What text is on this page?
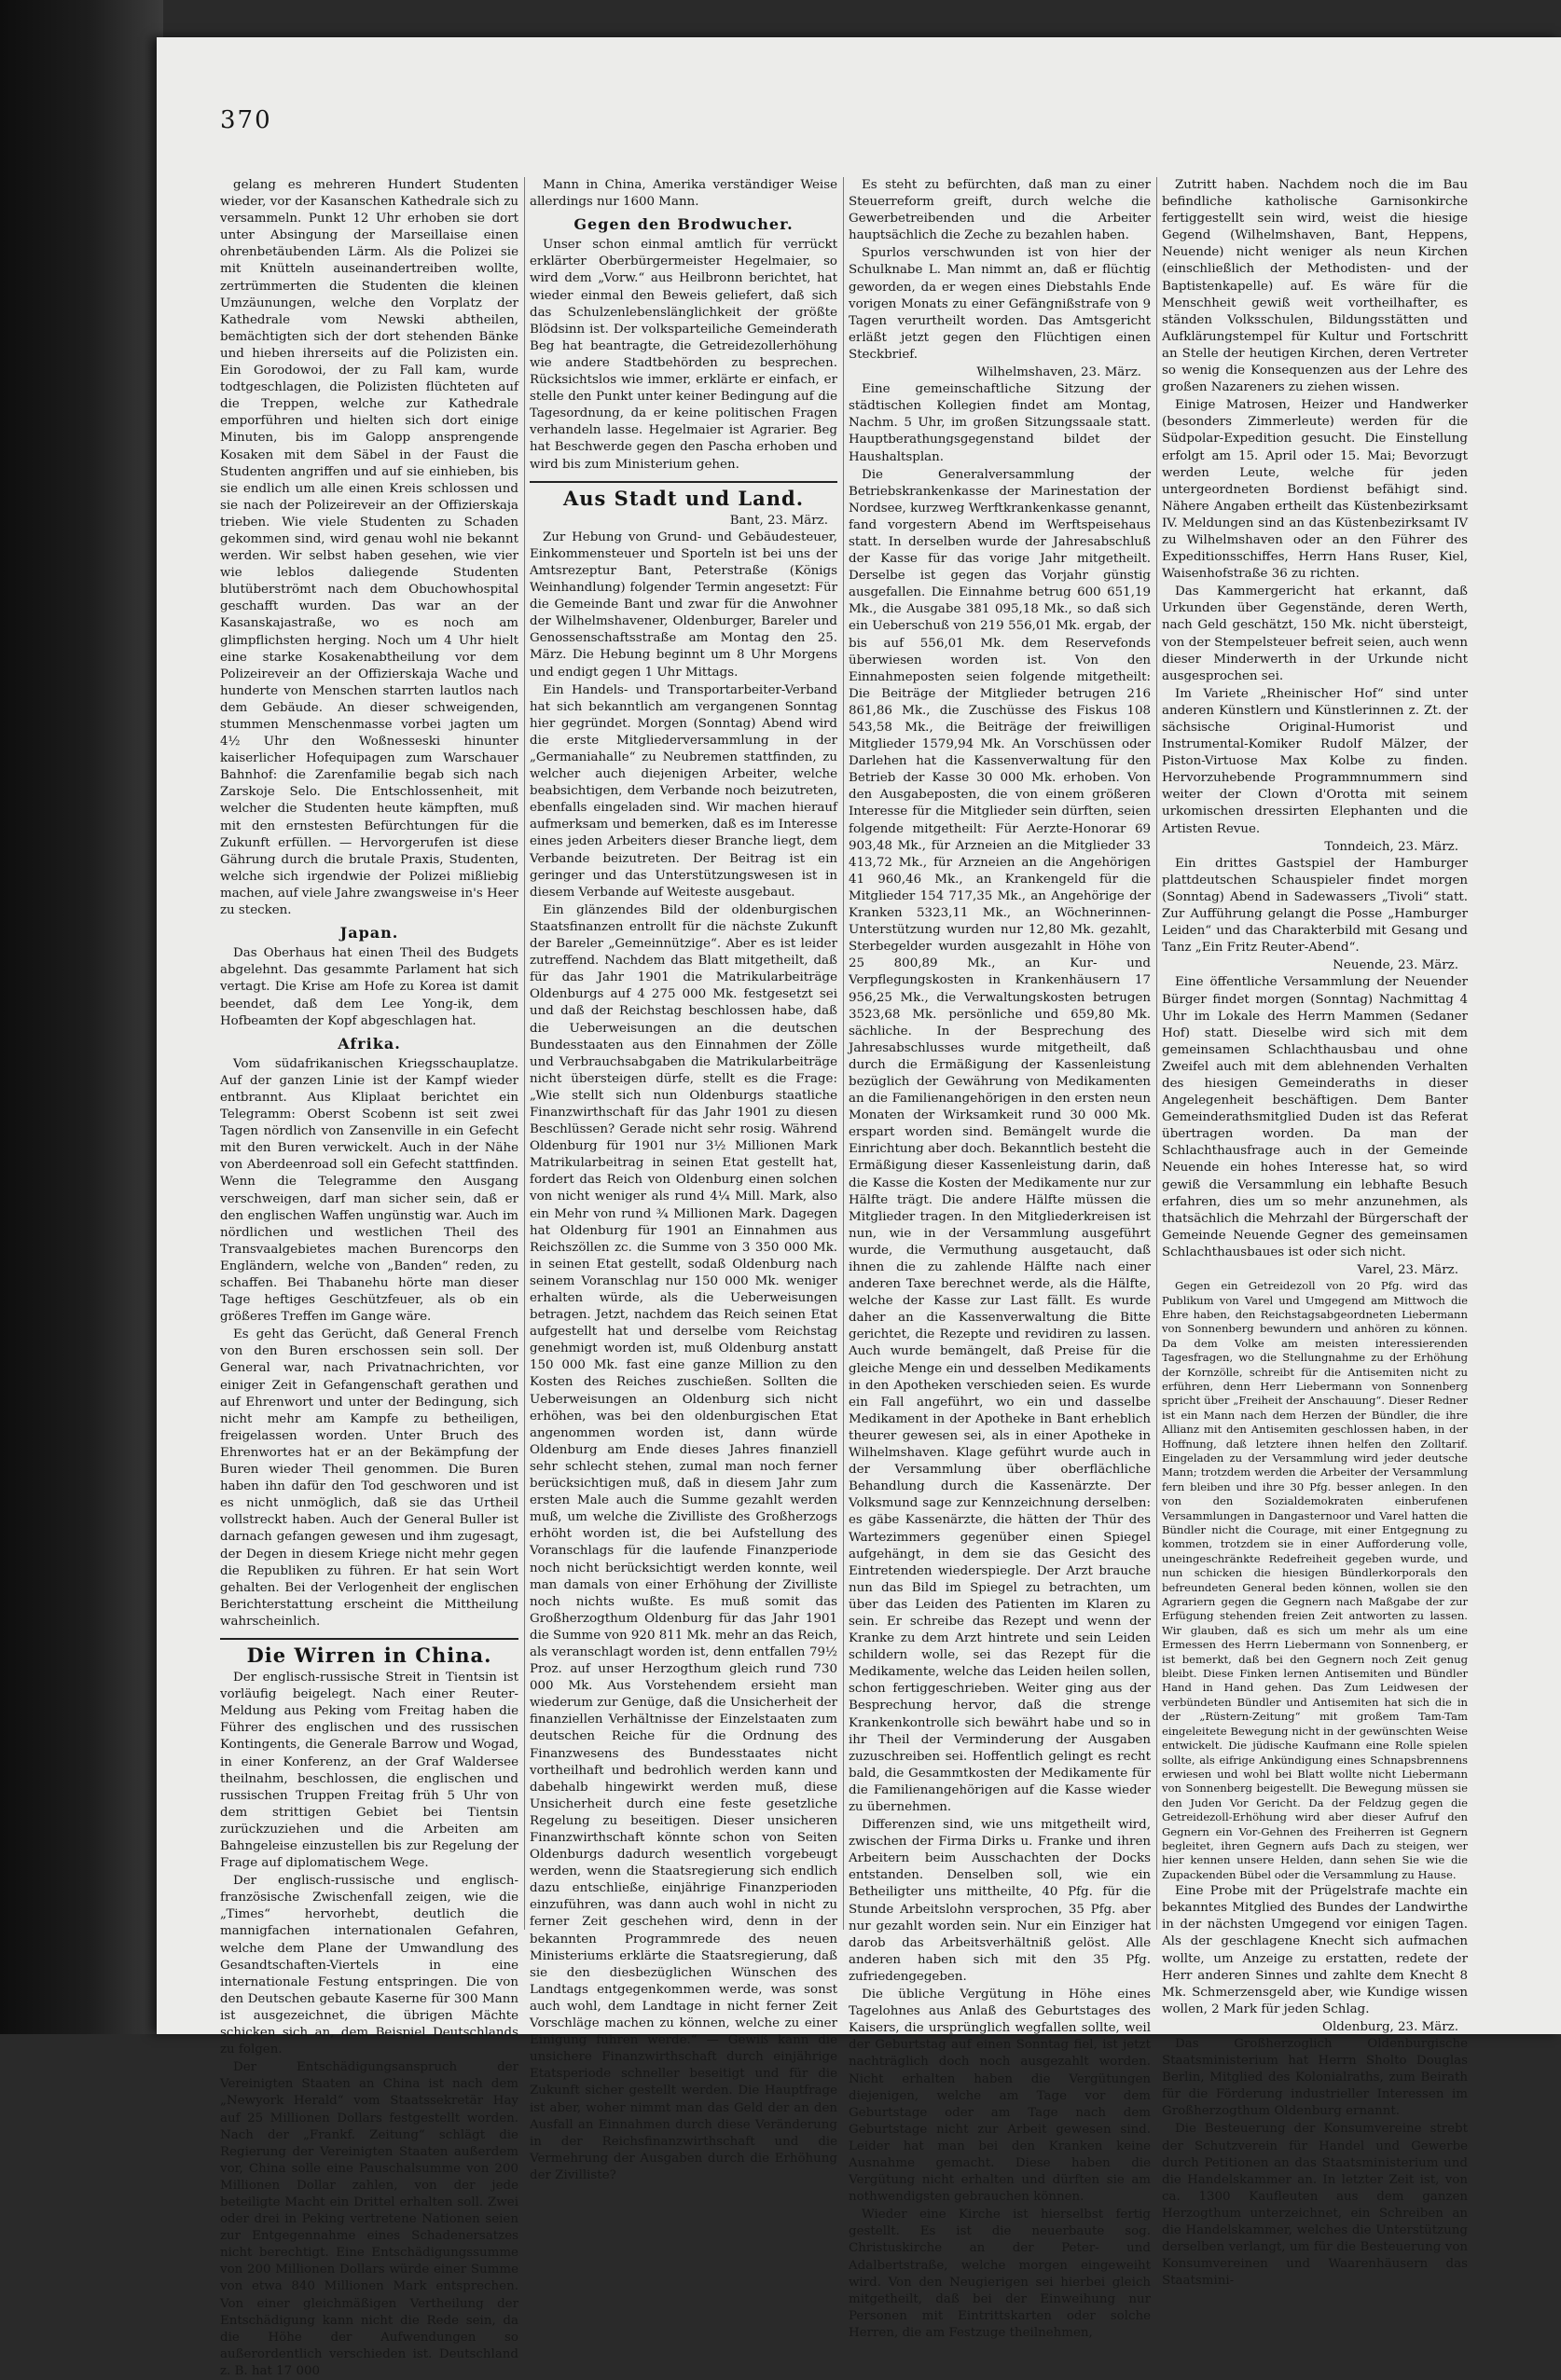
370

gelang es mehreren Hundert Studenten wieder, vor der Kasanschen Kathedrale sich zu versammeln. Punkt 12 Uhr erhoben sie dort unter Absingung der Marseillaise einen ohrenbetäubenden Lärm. Als die Polizei sie mit Knütteln auseinandertreiben wollte, zertrümmerten die Studenten die kleinen Umzäunungen, welche den Vorplatz der Kathedrale vom Newski abtheilen, bemächtigten sich der dort stehenden Bänke und hieben ihrerseits auf die Polizisten ein. Ein Gorodowoi, der zu Fall kam, wurde todtgeschlagen, die Polizisten flüchteten auf die Treppen, welche zur Kathedrale emporführen und hielten sich dort einige Minuten, bis im Galopp ansprengende Kosaken mit dem Säbel in der Faust die Studenten angriffen und auf sie einhieben, bis sie endlich um alle einen Kreis schlossen und sie nach der Polizeireveir an der Offizierskaja trieben. Wie viele Studenten zu Schaden gekommen sind, wird genau wohl nie bekannt werden. Wir selbst haben gesehen, wie vier wie leblos daliegende Studenten blutüberströmt nach dem Obuchowhospital geschafft wurden. Das war an der Kasanskajastraße, wo es noch am glimpflichsten herging. Noch um 4 Uhr hielt eine starke Kosakenabtheilung vor dem Polizeireveir an der Offizierskaja Wache und hunderte von Menschen starrten lautlos nach dem Gebäude. An dieser schweigenden, stummen Menschenmasse vorbei jagten um 4½ Uhr den Woßnesseski hinunter kaiserlicher Hofequipagen zum Warschauer Bahnhof: die Zarenfamilie begab sich nach Zarskoje Selo. Die Entschlossenheit, mit welcher die Studenten heute kämpften, muß mit den ernstesten Befürchtungen für die Zukunft erfüllen. — Hervorgerufen ist diese Gährung durch die brutale Praxis, Studenten, welche sich irgendwie der Polizei mißliebig machen, auf viele Jahre zwangsweise in's Heer zu stecken.

Japan.

Das Oberhaus hat einen Theil des Budgets abgelehnt. Das gesammte Parlament hat sich vertagt. Die Krise am Hofe zu Korea ist damit beendet, daß dem Lee Yong-ik, dem Hofbeamten der Kopf abgeschlagen hat.

Afrika.

Vom südafrikanischen Kriegsschauplatze. Auf der ganzen Linie ist der Kampf wieder entbrannt. Aus Kliplaat berichtet ein Telegramm: Oberst Scobenn ist seit zwei Tagen nördlich von Zansenville in ein Gefecht mit den Buren verwickelt. Auch in der Nähe von Aberdeenroad soll ein Gefecht stattfinden. Wenn die Telegramme den Ausgang verschweigen, darf man sicher sein, daß er den englischen Waffen ungünstig war. Auch im nördlichen und westlichen Theil des Transvaalgebietes machen Burencorps den Engländern, welche von „Banden“ reden, zu schaffen. Bei Thabanehu hörte man dieser Tage heftiges Geschützfeuer, als ob ein größeres Treffen im Gange wäre.

Es geht das Gerücht, daß General French von den Buren erschossen sein soll. Der General war, nach Privatnachrichten, vor einiger Zeit in Gefangenschaft gerathen und auf Ehrenwort und unter der Bedingung, sich nicht mehr am Kampfe zu betheiligen, freigelassen worden. Unter Bruch des Ehrenwortes hat er an der Bekämpfung der Buren wieder Theil genommen. Die Buren haben ihn dafür den Tod geschworen und ist es nicht unmöglich, daß sie das Urtheil vollstreckt haben. Auch der General Buller ist darnach gefangen gewesen und ihm zugesagt, der Degen in diesem Kriege nicht mehr gegen die Republiken zu führen. Er hat sein Wort gehalten. Bei der Verlogenheit der englischen Berichterstattung erscheint die Mittheilung wahrscheinlich.

Die Wirren in China.

Der englisch-russische Streit in Tientsin ist vorläufig beigelegt. Nach einer Reuter-Meldung aus Peking vom Freitag haben die Führer des englischen und des russischen Kontingents, die Generale Barrow und Wogad, in einer Konferenz, an der Graf Waldersee theilnahm, beschlossen, die englischen und russischen Truppen Freitag früh 5 Uhr von dem strittigen Gebiet bei Tientsin zurückzuziehen und die Arbeiten am Bahngeleise einzustellen bis zur Regelung der Frage auf diplomatischem Wege.

Der englisch-russische und englisch-französische Zwischenfall zeigen, wie die „Times“ hervorhebt, deutlich die mannigfachen internationalen Gefahren, welche dem Plane der Umwandlung des Gesandtschaften-Viertels in eine internationale Festung entspringen. Die von den Deutschen gebaute Kaserne für 300 Mann ist ausgezeichnet, die übrigen Mächte schicken sich an, dem Beispiel Deutschlands zu folgen.

Der Entschädigungsanspruch der Vereinigten Staaten an China ist nach dem „Newyork Herald“ vom Staatssekretär Hay auf 25 Millionen Dollars festgestellt worden. Nach der „Frankf. Zeitung“ schlägt die Regierung der Vereinigten Staaten außerdem vor, China solle eine Pauschalsumme von 200 Millionen Dollar zahlen, von der jede beteiligte Macht ein Drittel erhalten soll. Zwei oder drei in Peking vertretene Nationen seien zur Entgegennahme eines Schadenersatzes nicht berechtigt. Eine Entschädigungssumme von 200 Millionen Dollars würde einer Summe von etwa 840 Millionen Mark entsprechen. Von einer gleichmäßigen Vertheilung der Entschädigung kann nicht die Rede sein, da die Höhe der Aufwendungen so außerordentlich verschieden ist. Deutschland z. B. hat 17 000

Mann in China, Amerika verständiger Weise allerdings nur 1600 Mann.

Gegen den Brodwucher.

Unser schon einmal amtlich für verrückt erklärter Oberbürgermeister Hegelmaier, so wird dem „Vorw.“ aus Heilbronn berichtet, hat wieder einmal den Beweis geliefert, daß sich das Schulzenlebenslänglichkeit der größte Blödsinn ist. Der volksparteiliche Gemeinderath Beg hat beantragte, die Getreidezollerhöhung wie andere Stadtbehörden zu besprechen. Rücksichtslos wie immer, erklärte er einfach, er stelle den Punkt unter keiner Bedingung auf die Tagesordnung, da er keine politischen Fragen verhandeln lasse. Hegelmaier ist Agrarier. Beg hat Beschwerde gegen den Pascha erhoben und wird bis zum Ministerium gehen.

Aus Stadt und Land.
Bant, 23. März.

Zur Hebung von Grund- und Gebäudesteuer, Einkommensteuer und Sporteln ist bei uns der Amtsrezeptur Bant, Peterstraße (Königs Weinhandlung) folgender Termin angesetzt: Für die Gemeinde Bant und zwar für die Anwohner der Wilhelmshavener, Oldenburger, Bareler und Genossenschaftsstraße am Montag den 25. März. Die Hebung beginnt um 8 Uhr Morgens und endigt gegen 1 Uhr Mittags.

Ein Handels- und Transportarbeiter-Verband hat sich bekanntlich am vergangenen Sonntag hier gegründet. Morgen (Sonntag) Abend wird die erste Mitgliederversammlung in der „Germaniahalle“ zu Neubremen stattfinden, zu welcher auch diejenigen Arbeiter, welche beabsichtigen, dem Verbande noch beizutreten, ebenfalls eingeladen sind. Wir machen hierauf aufmerksam und bemerken, daß es im Interesse eines jeden Arbeiters dieser Branche liegt, dem Verbande beizutreten. Der Beitrag ist ein geringer und das Unterstützungswesen ist in diesem Verbande auf Weiteste ausgebaut.

Ein glänzendes Bild der oldenburgischen Staatsfinanzen entrollt für die nächste Zukunft der Bareler „Gemeinnützige“. Aber es ist leider zutreffend. Nachdem das Blatt mitgetheilt, daß für das Jahr 1901 die Matrikularbeiträge Oldenburgs auf 4 275 000 Mk. festgesetzt sei und daß der Reichstag beschlossen habe, daß die Ueberweisungen an die deutschen Bundesstaaten aus den Einnahmen der Zölle und Verbrauchsabgaben die Matrikularbeiträge nicht übersteigen dürfe, stellt es die Frage: „Wie stellt sich nun Oldenburgs staatliche Finanzwirthschaft für das Jahr 1901 zu diesen Beschlüssen? Gerade nicht sehr rosig. Während Oldenburg für 1901 nur 3½ Millionen Mark Matrikularbeitrag in seinen Etat gestellt hat, fordert das Reich von Oldenburg einen solchen von nicht weniger als rund 4¼ Mill. Mark, also ein Mehr von rund ¾ Millionen Mark. Dagegen hat Oldenburg für 1901 an Einnahmen aus Reichszöllen zc. die Summe von 3 350 000 Mk. in seinen Etat gestellt, sodaß Oldenburg nach seinem Voranschlag nur 150 000 Mk. weniger erhalten würde, als die Ueberweisungen betragen. Jetzt, nachdem das Reich seinen Etat aufgestellt hat und derselbe vom Reichstag genehmigt worden ist, muß Oldenburg anstatt 150 000 Mk. fast eine ganze Million zu den Kosten des Reiches zuschießen. Sollten die Ueberweisungen an Oldenburg sich nicht erhöhen, was bei den oldenburgischen Etat angenommen worden ist, dann würde Oldenburg am Ende dieses Jahres finanziell sehr schlecht stehen, zumal man noch ferner berücksichtigen muß, daß in diesem Jahr zum ersten Male auch die Summe gezahlt werden muß, um welche die Zivilliste des Großherzogs erhöht worden ist, die bei Aufstellung des Voranschlags für die laufende Finanzperiode noch nicht berücksichtigt werden konnte, weil man damals von einer Erhöhung der Zivilliste noch nichts wußte. Es muß somit das Großherzogthum Oldenburg für das Jahr 1901 die Summe von 920 811 Mk. mehr an das Reich, als veranschlagt worden ist, denn entfallen 79½ Proz. auf unser Herzogthum gleich rund 730 000 Mk. Aus Vorstehendem ersieht man wiederum zur Genüge, daß die Unsicherheit der finanziellen Verhältnisse der Einzelstaaten zum deutschen Reiche für die Ordnung des Finanzwesens des Bundesstaates nicht vortheilhaft und bedrohlich werden kann und dabehalb hingewirkt werden muß, diese Unsicherheit durch eine feste gesetzliche Regelung zu beseitigen. Dieser unsicheren Finanzwirthschaft könnte schon von Seiten Oldenburgs dadurch wesentlich vorgebeugt werden, wenn die Staatsregierung sich endlich dazu entschließe, einjährige Finanzperioden einzuführen, was dann auch wohl in nicht zu ferner Zeit geschehen wird, denn in der bekannten Programmrede des neuen Ministeriums erklärte die Staatsregierung, daß sie den diesbezüglichen Wünschen des Landtags entgegenkommen werde, was sonst auch wohl, dem Landtage in nicht ferner Zeit Vorschläge machen zu können, welche zu einer Einigung führen werde.“ — Gewiß kann die unsichere Finanzwirthschaft durch einjährige Etatsperiode schneller beseitigt und für die Zukunft sicher gestellt werden. Die Hauptfrage ist aber, woher nimmt man das Geld der an den Ausfall an Einnahmen durch diese Veränderung in der Reichsfinanzwirthschaft und die Vermehrung der Ausgaben durch die Erhöhung der Zivilliste?

Es steht zu befürchten, daß man zu einer Steuerreform greift, durch welche die Gewerbetreibenden und die Arbeiter hauptsächlich die Zeche zu bezahlen haben.

Spurlos verschwunden ist von hier der Schulknabe L. Man nimmt an, daß er flüchtig geworden, da er wegen eines Diebstahls Ende vorigen Monats zu einer Gefängnißstrafe von 9 Tagen verurtheilt worden. Das Amtsgericht erläßt jetzt gegen den Flüchtigen einen Steckbrief.

Wilhelmshaven, 23. März.

Eine gemeinschaftliche Sitzung der städtischen Kollegien findet am Montag, Nachm. 5 Uhr, im großen Sitzungssaale statt. Hauptberathungsgegenstand bildet der Haushaltsplan.

Die Generalversammlung der Betriebskrankenkasse der Marinestation der Nordsee, kurzweg Werftkrankenkasse genannt, fand vorgestern Abend im Werftspeisehaus statt. In derselben wurde der Jahresabschluß der Kasse für das vorige Jahr mitgetheilt. Derselbe ist gegen das Vorjahr günstig ausgefallen. Die Einnahme betrug 600 651,19 Mk., die Ausgabe 381 095,18 Mk., so daß sich ein Ueberschuß von 219 556,01 Mk. ergab, der bis auf 556,01 Mk. dem Reservefonds überwiesen worden ist. Von den Einnahmeposten seien folgende mitgetheilt: Die Beiträge der Mitglieder betrugen 216 861,86 Mk., die Zuschüsse des Fiskus 108 543,58 Mk., die Beiträge der freiwilligen Mitglieder 1579,94 Mk. An Vorschüssen oder Darlehen hat die Kassenverwaltung für den Betrieb der Kasse 30 000 Mk. erhoben. Von den Ausgabeposten, die von einem größeren Interesse für die Mitglieder sein dürften, seien folgende mitgetheilt: Für Aerzte-Honorar 69 903,48 Mk., für Arzneien an die Mitglieder 33 413,72 Mk., für Arzneien an die Angehörigen 41 960,46 Mk., an Krankengeld für die Mitglieder 154 717,35 Mk., an Angehörige der Kranken 5323,11 Mk., an Wöchnerinnen-Unterstützung wurden nur 12,80 Mk. gezahlt, Sterbegelder wurden ausgezahlt in Höhe von 25 800,89 Mk., an Kur- und Verpflegungskosten in Krankenhäusern 17 956,25 Mk., die Verwaltungskosten betrugen 3523,68 Mk. persönliche und 659,80 Mk. sächliche. In der Besprechung des Jahresabschlusses wurde mitgetheilt, daß durch die Ermäßigung der Kassenleistung bezüglich der Gewährung von Medikamenten an die Familienangehörigen in den ersten neun Monaten der Wirksamkeit rund 30 000 Mk. erspart worden sind. Bemängelt wurde die Einrichtung aber doch. Bekanntlich besteht die Ermäßigung dieser Kassenleistung darin, daß die Kasse die Kosten der Medikamente nur zur Hälfte trägt. Die andere Hälfte müssen die Mitglieder tragen. In den Mitgliederkreisen ist nun, wie in der Versammlung ausgeführt wurde, die Vermuthung ausgetaucht, daß ihnen die zu zahlende Hälfte nach einer anderen Taxe berechnet werde, als die Hälfte, welche der Kasse zur Last fällt. Es wurde daher an die Kassenverwaltung die Bitte gerichtet, die Rezepte und revidiren zu lassen. Auch wurde bemängelt, daß Preise für die gleiche Menge ein und desselben Medikaments in den Apotheken verschieden seien. Es wurde ein Fall angeführt, wo ein und dasselbe Medikament in der Apotheke in Bant erheblich theurer gewesen sei, als in einer Apotheke in Wilhelmshaven. Klage geführt wurde auch in der Versammlung über oberflächliche Behandlung durch die Kassenärzte. Der Volksmund sage zur Kennzeichnung derselben: es gäbe Kassenärzte, die hätten der Thür des Wartezimmers gegenüber einen Spiegel aufgehängt, in dem sie das Gesicht des Eintretenden wiederspiegle. Der Arzt brauche nun das Bild im Spiegel zu betrachten, um über das Leiden des Patienten im Klaren zu sein. Er schreibe das Rezept und wenn der Kranke zu dem Arzt hintrete und sein Leiden schildern wolle, sei das Rezept für die Medikamente, welche das Leiden heilen sollen, schon fertiggeschrieben. Weiter ging aus der Besprechung hervor, daß die strenge Krankenkontrolle sich bewährt habe und so in ihr Theil der Verminderung der Ausgaben zuzuschreiben sei. Hoffentlich gelingt es recht bald, die Gesammtkosten der Medikamente für die Familienangehörigen auf die Kasse wieder zu übernehmen.

Differenzen sind, wie uns mitgetheilt wird, zwischen der Firma Dirks u. Franke und ihren Arbeitern beim Ausschachten der Docks entstanden. Denselben soll, wie ein Betheiligter uns mittheilte, 40 Pfg. für die Stunde Arbeitslohn versprochen, 35 Pfg. aber nur gezahlt worden sein. Nur ein Einziger hat darob das Arbeitsverhältniß gelöst. Alle anderen haben sich mit den 35 Pfg. zufriedengegeben.

Die übliche Vergütung in Höhe eines Tagelohnes aus Anlaß des Geburtstages des Kaisers, die ursprünglich wegfallen sollte, weil der Geburtstag auf einen Sonntag fiel, ist jetzt nachträglich doch noch ausgezahlt worden. Nicht erhalten haben die Vergütungen diejenigen, welche am Tage vor dem Geburtstage oder am Tage nach dem Geburtstage nicht zur Arbeit gewesen sind. Leider hat man bei den Kranken keine Ausnahme gemacht. Diese haben die Vergütung nicht erhalten und dürften sie am nothwendigsten gebrauchen können.

Wieder eine Kirche ist hierselbst fertig gestellt. Es ist die neuerbaute sog. Christuskirche an der Peter- und Adalbertstraße, welche morgen eingeweiht wird. Von den Neugierigen sei hierbei gleich mitgetheilt, daß bei der Einweihung nur Personen mit Eintrittskarten oder solche Herren, die am Festzuge theilnehmen,

Zutritt haben. Nachdem noch die im Bau befindliche katholische Garnisonkirche fertiggestellt sein wird, weist die hiesige Gegend (Wilhelmshaven, Bant, Heppens, Neuende) nicht weniger als neun Kirchen (einschließlich der Methodisten- und der Baptistenkapelle) auf. Es wäre für die Menschheit gewiß weit vortheilhafter, es ständen Volksschulen, Bildungsstätten und Aufklärungstempel für Kultur und Fortschritt an Stelle der heutigen Kirchen, deren Vertreter so wenig die Konsequenzen aus der Lehre des großen Nazareners zu ziehen wissen.

Einige Matrosen, Heizer und Handwerker (besonders Zimmerleute) werden für die Südpolar-Expedition gesucht. Die Einstellung erfolgt am 15. April oder 15. Mai; Bevorzugt werden Leute, welche für jeden untergeordneten Bordienst befähigt sind. Nähere Angaben ertheilt das Küstenbezirksamt IV. Meldungen sind an das Küstenbezirksamt IV zu Wilhelmshaven oder an den Führer des Expeditionsschiffes, Herrn Hans Ruser, Kiel, Waisenhofstraße 36 zu richten.

Das Kammergericht hat erkannt, daß Urkunden über Gegenstände, deren Werth, nach Geld geschätzt, 150 Mk. nicht übersteigt, von der Stempelsteuer befreit seien, auch wenn dieser Minderwerth in der Urkunde nicht ausgesprochen sei.

Im Variete „Rheinischer Hof“ sind unter anderen Künstlern und Künstlerinnen z. Zt. der sächsische Original-Humorist und Instrumental-Komiker Rudolf Mälzer, der Piston-Virtuose Max Kolbe zu finden. Hervorzuhebende Programmnummern sind weiter der Clown d'Orotta mit seinem urkomischen dressirten Elephanten und die Artisten Revue.

Tonndeich, 23. März.

Ein drittes Gastspiel der Hamburger plattdeutschen Schauspieler findet morgen (Sonntag) Abend in Sadewassers „Tivoli“ statt. Zur Aufführung gelangt die Posse „Hamburger Leiden“ und das Charakterbild mit Gesang und Tanz „Ein Fritz Reuter-Abend“.

Neuende, 23. März.

Eine öffentliche Versammlung der Neuender Bürger findet morgen (Sonntag) Nachmittag 4 Uhr im Lokale des Herrn Mammen (Sedaner Hof) statt. Dieselbe wird sich mit dem gemeinsamen Schlachthausbau und ohne Zweifel auch mit dem ablehnenden Verhalten des hiesigen Gemeinderaths in dieser Angelegenheit beschäftigen. Dem Banter Gemeinderathsmitglied Duden ist das Referat übertragen worden. Da man der Schlachthausfrage auch in der Gemeinde Neuende ein hohes Interesse hat, so wird gewiß die Versammlung ein lebhafte Besuch erfahren, dies um so mehr anzunehmen, als thatsächlich die Mehrzahl der Bürgerschaft der Gemeinde Neuende Gegner des gemeinsamen Schlachthausbaues ist oder sich nicht.

Varel, 23. März.

Gegen ein Getreidezoll von 20 Pfg. wird das Publikum von Varel und Umgegend am Mittwoch die Ehre haben, den Reichstagsabgeordneten Liebermann von Sonnenberg bewundern und anhören zu können. Da dem Volke am meisten interessierenden Tagesfragen, wo die Stellungnahme zu der Erhöhung der Kornzölle, schreibt für die Antisemiten nicht zu erführen, denn Herr Liebermann von Sonnenberg spricht über „Freiheit der Anschauung“. Dieser Redner ist ein Mann nach dem Herzen der Bündler, die ihre Allianz mit den Antisemiten geschlossen haben, in der Hoffnung, daß letztere ihnen helfen den Zolltarif. Eingeladen zu der Versammlung wird jeder deutsche Mann; trotzdem werden die Arbeiter der Versammlung fern bleiben und ihre 30 Pfg. besser anlegen. In den von den Sozialdemokraten einberufenen Versammlungen in Dangasternoor und Varel hatten die Bündler nicht die Courage, mit einer Entgegnung zu kommen, trotzdem sie in einer Aufforderung volle, uneingeschränkte Redefreiheit gegeben wurde, und nun schicken die hiesigen Bündlerkorporals den befreundeten General beden können, wollen sie den Agrariern gegen die Gegnern nach Maßgabe der zur Erfügung stehenden freien Zeit antworten zu lassen. Wir glauben, daß es sich um mehr als um eine Ermessen des Herrn Liebermann von Sonnenberg, er ist bemerkt, daß bei den Gegnern noch Zeit genug bleibt. Diese Finken lernen Antisemiten und Bündler Hand in Hand gehen. Das Zum Leidwesen der verbündeten Bündler und Antisemiten hat sich die in der „Rüstern-Zeitung“ mit großem Tam-Tam eingeleitete Bewegung nicht in der gewünschten Weise entwickelt. Die jüdische Kaufmann eine Rolle spielen sollte, als eifrige Ankündigung eines Schnapsbrennens erwiesen und wohl bei Blatt wollte nicht Liebermann von Sonnenberg beigestellt. Die Bewegung müssen sie den Juden Vor Gericht. Da der Feldzug gegen die Getreidezoll-Erhöhung wird aber dieser Aufruf den Gegnern ein Vor-Gehnen des Freiherren ist Gegnern begleitet, ihren Gegnern aufs Dach zu steigen, wer hier kennen unsere Helden, dann sehen Sie wie die Zupackenden Bübel oder die Versammlung zu Hause.

Eine Probe mit der Prügelstrafe machte ein bekanntes Mitglied des Bundes der Landwirthe in der nächsten Umgegend vor einigen Tagen. Als der geschlagene Knecht sich aufmachen wollte, um Anzeige zu erstatten, redete der Herr anderen Sinnes und zahlte dem Knecht 8 Mk. Schmerzensgeld aber, wie Kundige wissen wollen, 2 Mark für jeden Schlag.

Oldenburg, 23. März.

Das Großherzoglich Oldenburgische Staatsministerium hat Herrn Sholto Douglas Berlin, Mitglied des Kolonialraths, zum Beirath für die Förderung industrieller Interessen im Großherzogthum Oldenburg ernannt.

Die Besteuerung der Konsumvereine strebt der Schutzverein für Handel und Gewerbe durch Petitionen an das Staatsministerium und die Handelskammer an. In letzter Zeit ist, von ca. 1300 Kaufleuten aus dem ganzen Herzogthum unterzeichnet, ein Schreiben an die Handelskammer, welches die Unterstützung derselben verlangt, um für die Besteuerung von Konsumvereinen und Waarenhäusern das Staatsmini-
